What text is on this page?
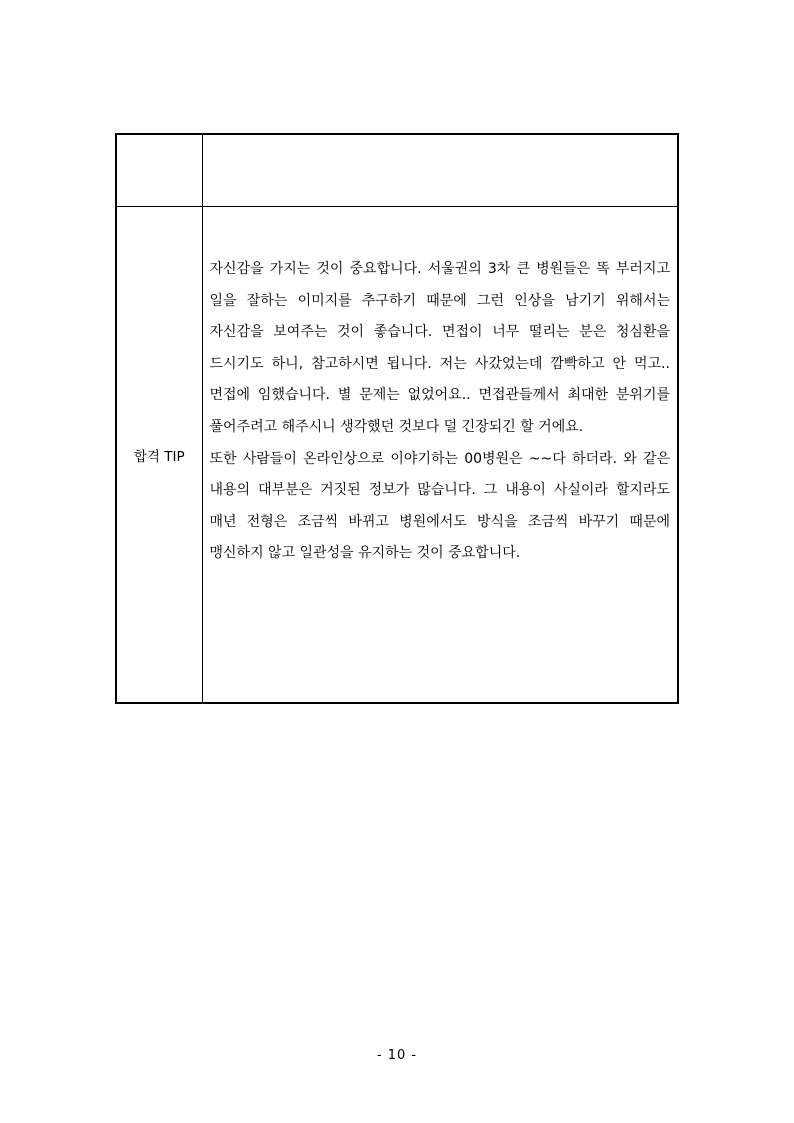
합격 TIP	자신감을 가지는 것이 중요합니다. 서울권의 3차 큰 병원들은 똑 부러지고 일을 잘하는 이미지를 추구하기 때문에 그런 인상을 남기기 위해서는 자신감을 보여주는 것이 좋습니다. 면접이 너무 떨리는 분은 청심환을 드시기도 하니, 참고하시면 됩니다. 저는 사갔었는데 깜빡하고 안 먹고.. 면접에 임했습니다. 별 문제는 없었어요.. 면접관들께서 최대한 분위기를 풀어주려고 해주시니 생각했던 것보다 덜 긴장되긴 할 거에요.

또한 사람들이 온라인상으로 이야기하는 00병원은 ~~다 하더라. 와 같은 내용의 대부분은 거짓된 정보가 많습니다. 그 내용이 사실이라 할지라도 매년 전형은 조금씩 바뀌고 병원에서도 방식을 조금씩 바꾸기 때문에 맹신하지 않고 일관성을 유지하는 것이 중요합니다.

- 10 -
